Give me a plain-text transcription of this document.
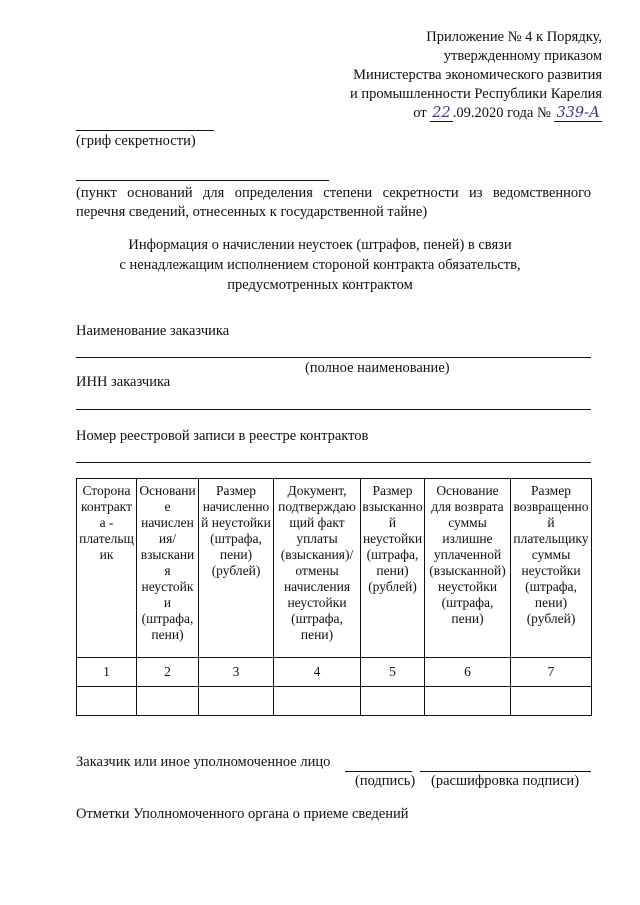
Приложение № 4 к Порядку,
утвержденному приказом
Министерства экономического развития
и промышленности Республики Карелия
от 22 .09.2020 года № 339-А
(гриф секретности)
(пункт оснований для определения степени секретности из ведомственного
перечня сведений, отнесенных к государственной тайне)
Информация о начислении неустоек (штрафов, пеней) в связи
с ненадлежащим исполнением стороной контракта обязательств,
предусмотренных контрактом
Наименование заказчика
(полное наименование)
ИНН заказчика
Номер реестровой записи в реестре контрактов
Сторона контракта - плательщик	Основание начисления/ взыскания неустойки (штрафа, пени)	Размер начисленной неустойки (штрафа, пени) (рублей)	Документ, подтверждающий факт уплаты (взыскания)/ отмены начисления неустойки (штрафа, пени)	Размер взысканной неустойки (штрафа, пени) (рублей)	Основание для возврата суммы излишне уплаченной (взысканной) неустойки (штрафа, пени)	Размер возвращенной плательщику суммы неустойки (штрафа, пени) (рублей)
1	2	3	4	5	6	7

Заказчик или иное уполномоченное лицо
(подпись) (расшифровка подписи)
Отметки Уполномоченного органа о приеме сведений
